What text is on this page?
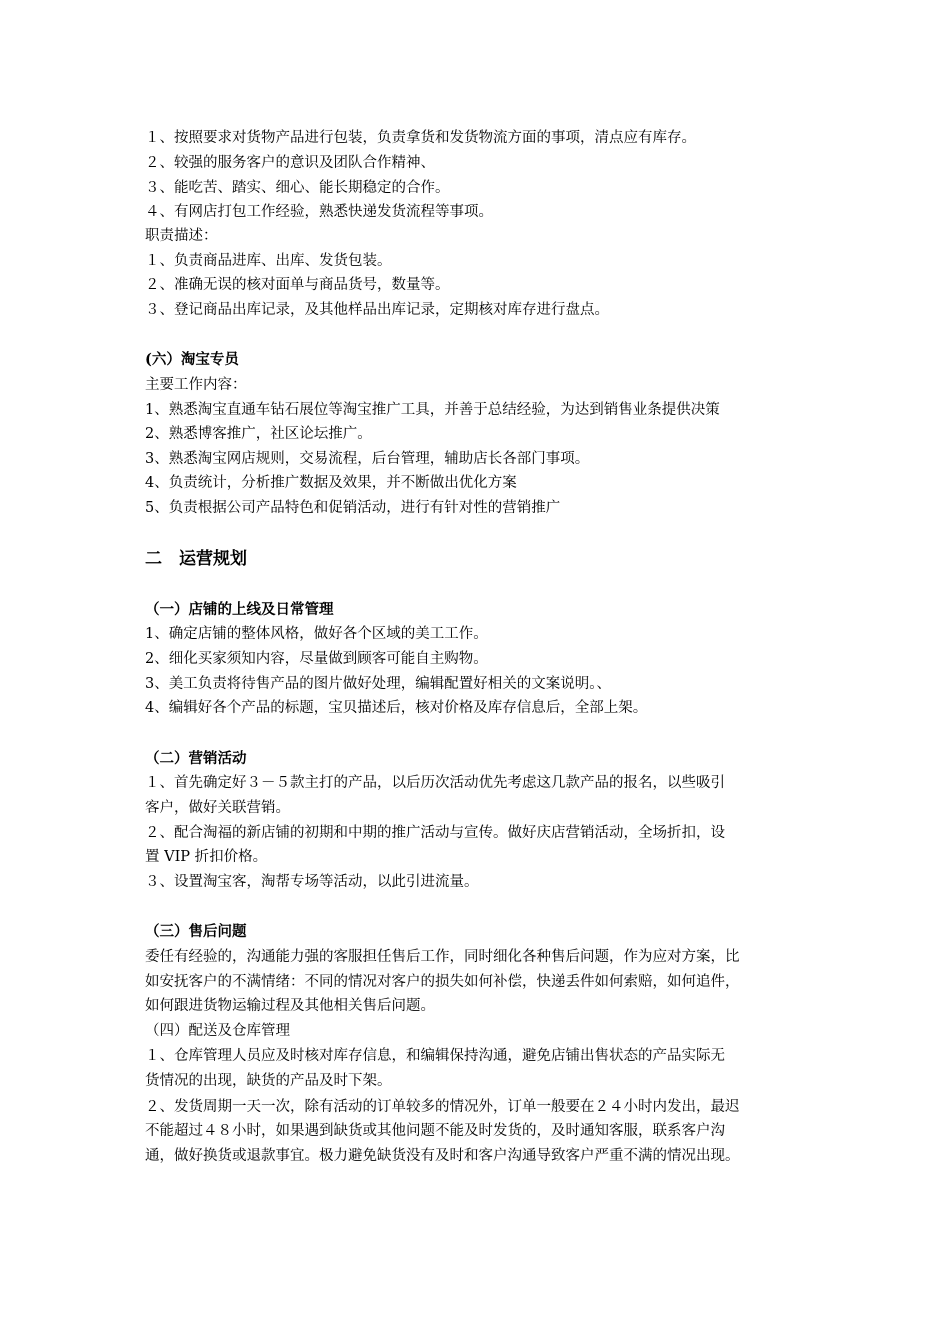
１、按照要求对货物产品进行包装，负责拿货和发货物流方面的事项，清点应有库存。
２、较强的服务客户的意识及团队合作精神、
３、能吃苦、踏实、细心、能长期稳定的合作。
４、有网店打包工作经验，熟悉快递发货流程等事项。
职责描述：
１、负责商品进库、出库、发货包装。
２、准确无误的核对面单与商品货号，数量等。
３、登记商品出库记录，及其他样品出库记录，定期核对库存进行盘点。
(六）淘宝专员
主要工作内容：
1、熟悉淘宝直通车钻石展位等淘宝推广工具，并善于总结经验，为达到销售业条提供决策
2、熟悉博客推广，社区论坛推广。
3、熟悉淘宝网店规则，交易流程，后台管理，辅助店长各部门事项。
4、负责统计，分析推广数据及效果，并不断做出优化方案
5、负责根据公司产品特色和促销活动，进行有针对性的营销推广
二　运营规划
（一）店铺的上线及日常管理
1、确定店铺的整体风格，做好各个区域的美工工作。
2、细化买家须知内容，尽量做到顾客可能自主购物。
3、美工负责将待售产品的图片做好处理，编辑配置好相关的文案说明。、
4、编辑好各个产品的标题，宝贝描述后，核对价格及库存信息后，全部上架。
（二）营销活动
１、首先确定好３－５款主打的产品，以后历次活动优先考虑这几款产品的报名，以些吸引
客户，做好关联营销。
２、配合淘福的新店铺的初期和中期的推广活动与宣传。做好庆店营销活动，全场折扣，设
置 VIP 折扣价格。
３、设置淘宝客，淘帮专场等活动，以此引进流量。
（三）售后问题
委任有经验的，沟通能力强的客服担任售后工作，同时细化各种售后问题，作为应对方案，比
如安抚客户的不满情绪：不同的情况对客户的损失如何补偿，快递丢件如何索赔，如何追件，
如何跟进货物运输过程及其他相关售后问题。
（四）配送及仓库管理
１、仓库管理人员应及时核对库存信息，和编辑保持沟通，避免店铺出售状态的产品实际无
货情况的出现，缺货的产品及时下架。
２、发货周期一天一次，除有活动的订单较多的情况外，订单一般要在２４小时内发出，最迟
不能超过４８小时，如果遇到缺货或其他问题不能及时发货的，及时通知客服，联系客户沟
通，做好换货或退款事宜。极力避免缺货没有及时和客户沟通导致客户严重不满的情况出现。
